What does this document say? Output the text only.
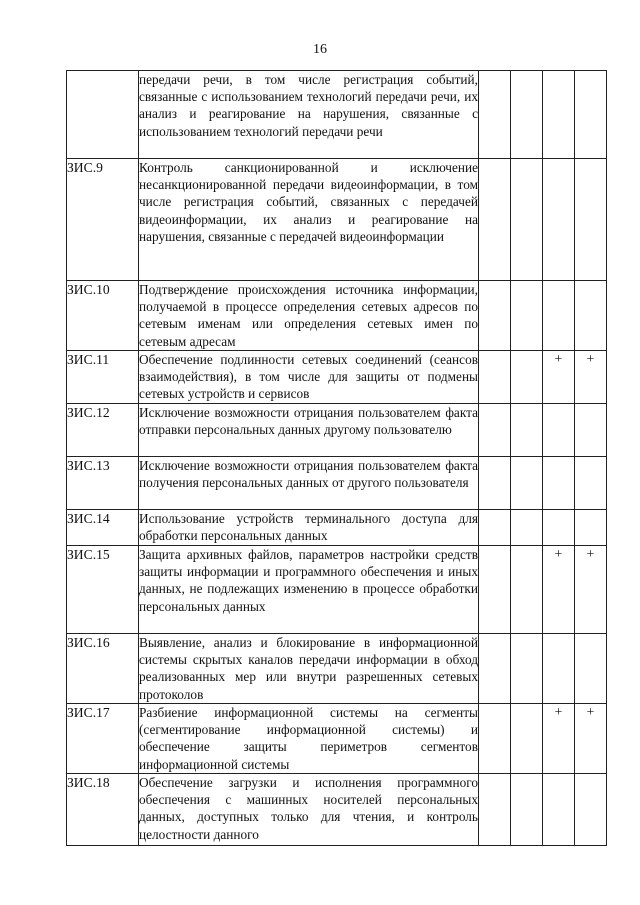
16
	передачи речи, в том числе регистрация событий, связанные с использованием технологий передачи речи, их анализ и реагирование на нарушения, связанные с использованием технологий передачи речи				
ЗИС.9	Контроль санкционированной и исключение несанкционированной передачи видеоинформации, в том числе регистрация событий, связанных с передачей видеоинформации, их анализ и реагирование на нарушения, связанные с передачей видеоинформации				
ЗИС.10	Подтверждение происхождения источника информации, получаемой в процессе определения сетевых адресов по сетевым именам или определения сетевых имен по сетевым адресам				
ЗИС.11	Обеспечение подлинности сетевых соединений (сеансов взаимодействия), в том числе для защиты от подмены сетевых устройств и сервисов			+	+
ЗИС.12	Исключение возможности отрицания пользователем факта отправки персональных данных другому пользователю				
ЗИС.13	Исключение возможности отрицания пользователем факта получения персональных данных от другого пользователя				
ЗИС.14	Использование устройств терминального доступа для обработки персональных данных				
ЗИС.15	Защита архивных файлов, параметров настройки средств защиты информации и программного обеспечения и иных данных, не подлежащих изменению в процессе обработки персональных данных			+	+
ЗИС.16	Выявление, анализ и блокирование в информационной системы скрытых каналов передачи информации в обход реализованных мер или внутри разрешенных сетевых протоколов				
ЗИС.17	Разбиение информационной системы на сегменты (сегментирование информационной системы) и обеспечение защиты периметров сегментов информационной системы			+	+
ЗИС.18	Обеспечение загрузки и исполнения программного обеспечения с машинных носителей персональных данных, доступных только для чтения, и контроль целостности данного				
